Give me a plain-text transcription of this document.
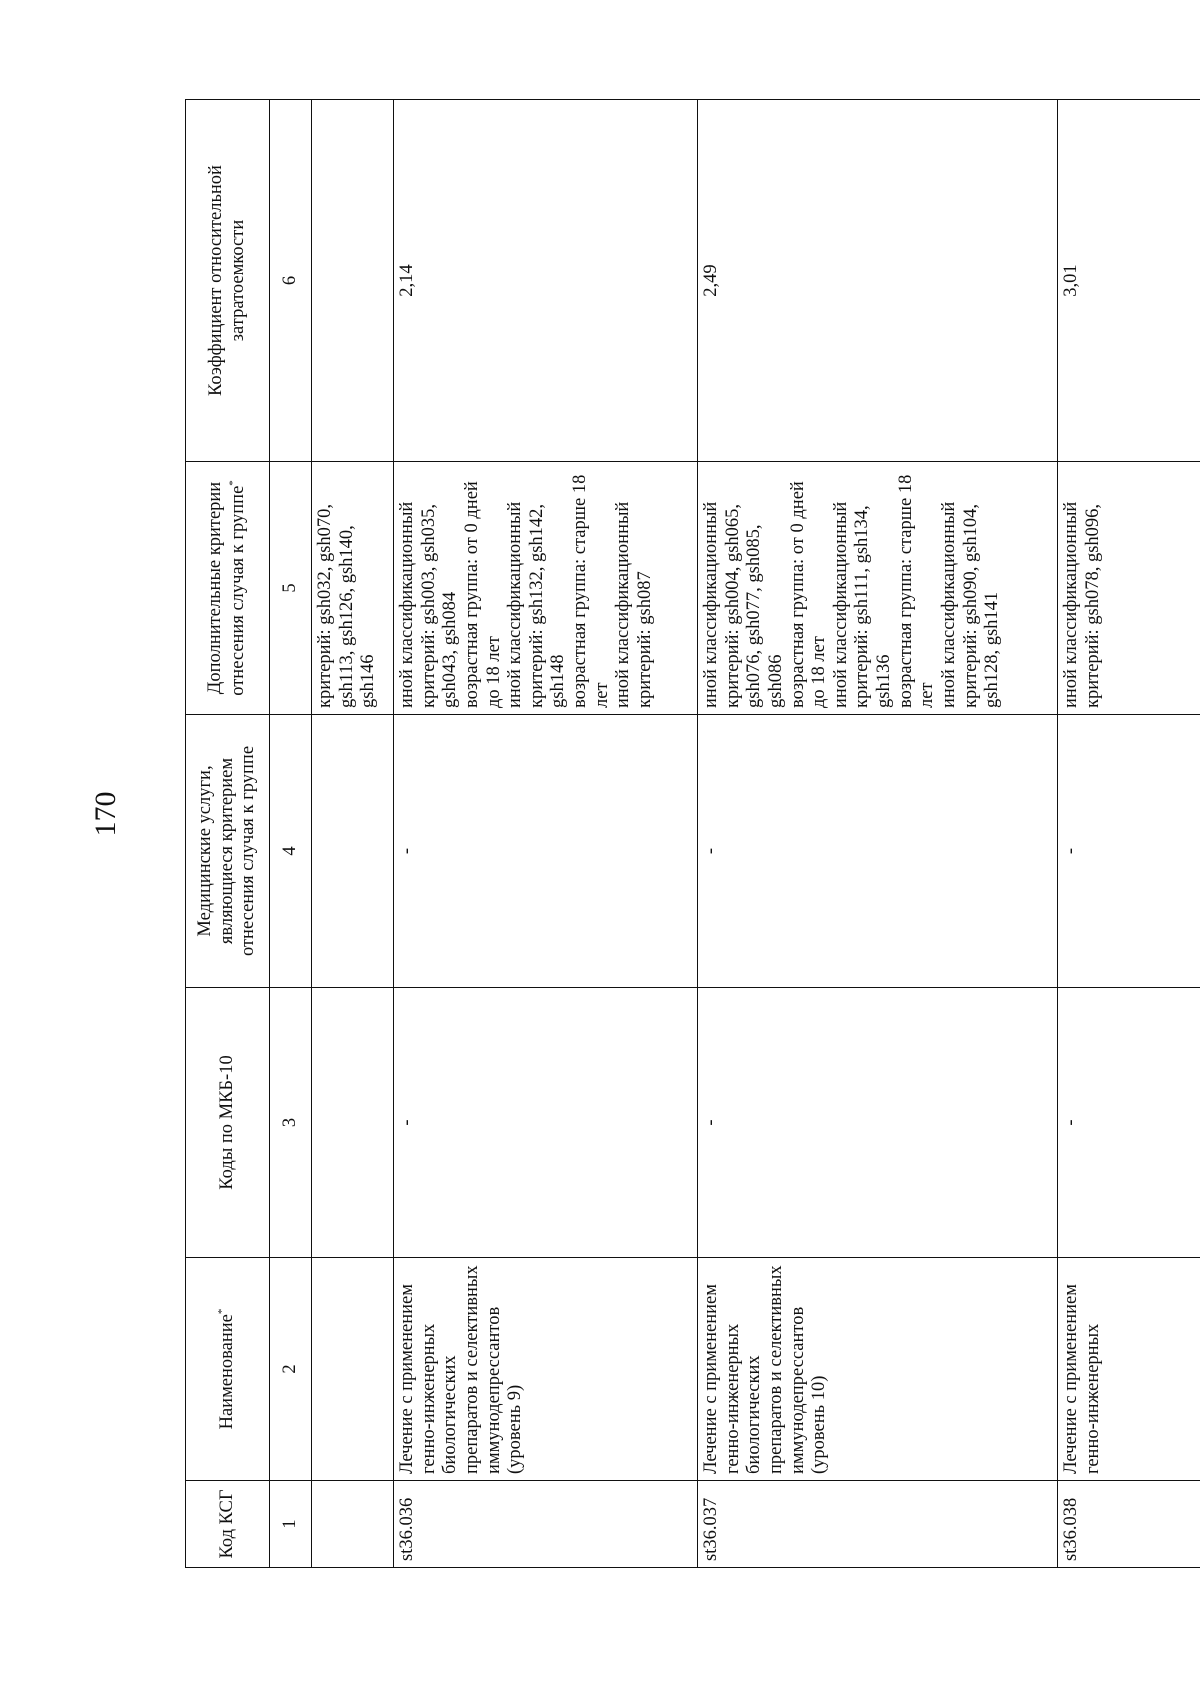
170
Код КСГ	Наименование*	Коды по МКБ-10	Медицинские услуги, являющиеся критерием отнесения случая к группе	Дополнительные критерии отнесения случая к группе*	Коэффициент относительной затратоемкости
1	2	3	4	5	6
				критерий: gsh032, gsh070, gsh113, gsh126, gsh140, gsh146	
st36.036	Лечение с применением генно-инженерных биологических препаратов и селективных иммунодепрессантов (уровень 9)	-	-	иной классификационный критерий: gsh003, gsh035, gsh043, gsh084 возрастная группа: от 0 дней до 18 лет иной классификационный критерий: gsh132, gsh142, gsh148 возрастная группа: старше 18 лет иной классификационный критерий: gsh087	2,14
st36.037	Лечение с применением генно-инженерных биологических препаратов и селективных иммунодепрессантов (уровень 10)	-	-	иной классификационный критерий: gsh004, gsh065, gsh076, gsh077, gsh085, gsh086 возрастная группа: от 0 дней до 18 лет иной классификационный критерий: gsh111, gsh134, gsh136 возрастная группа: старше 18 лет иной классификационный критерий: gsh090, gsh104, gsh128, gsh141	2,49
st36.038	Лечение с применением генно-инженерных	-	-	иной классификационный критерий: gsh078, gsh096,	3,01
